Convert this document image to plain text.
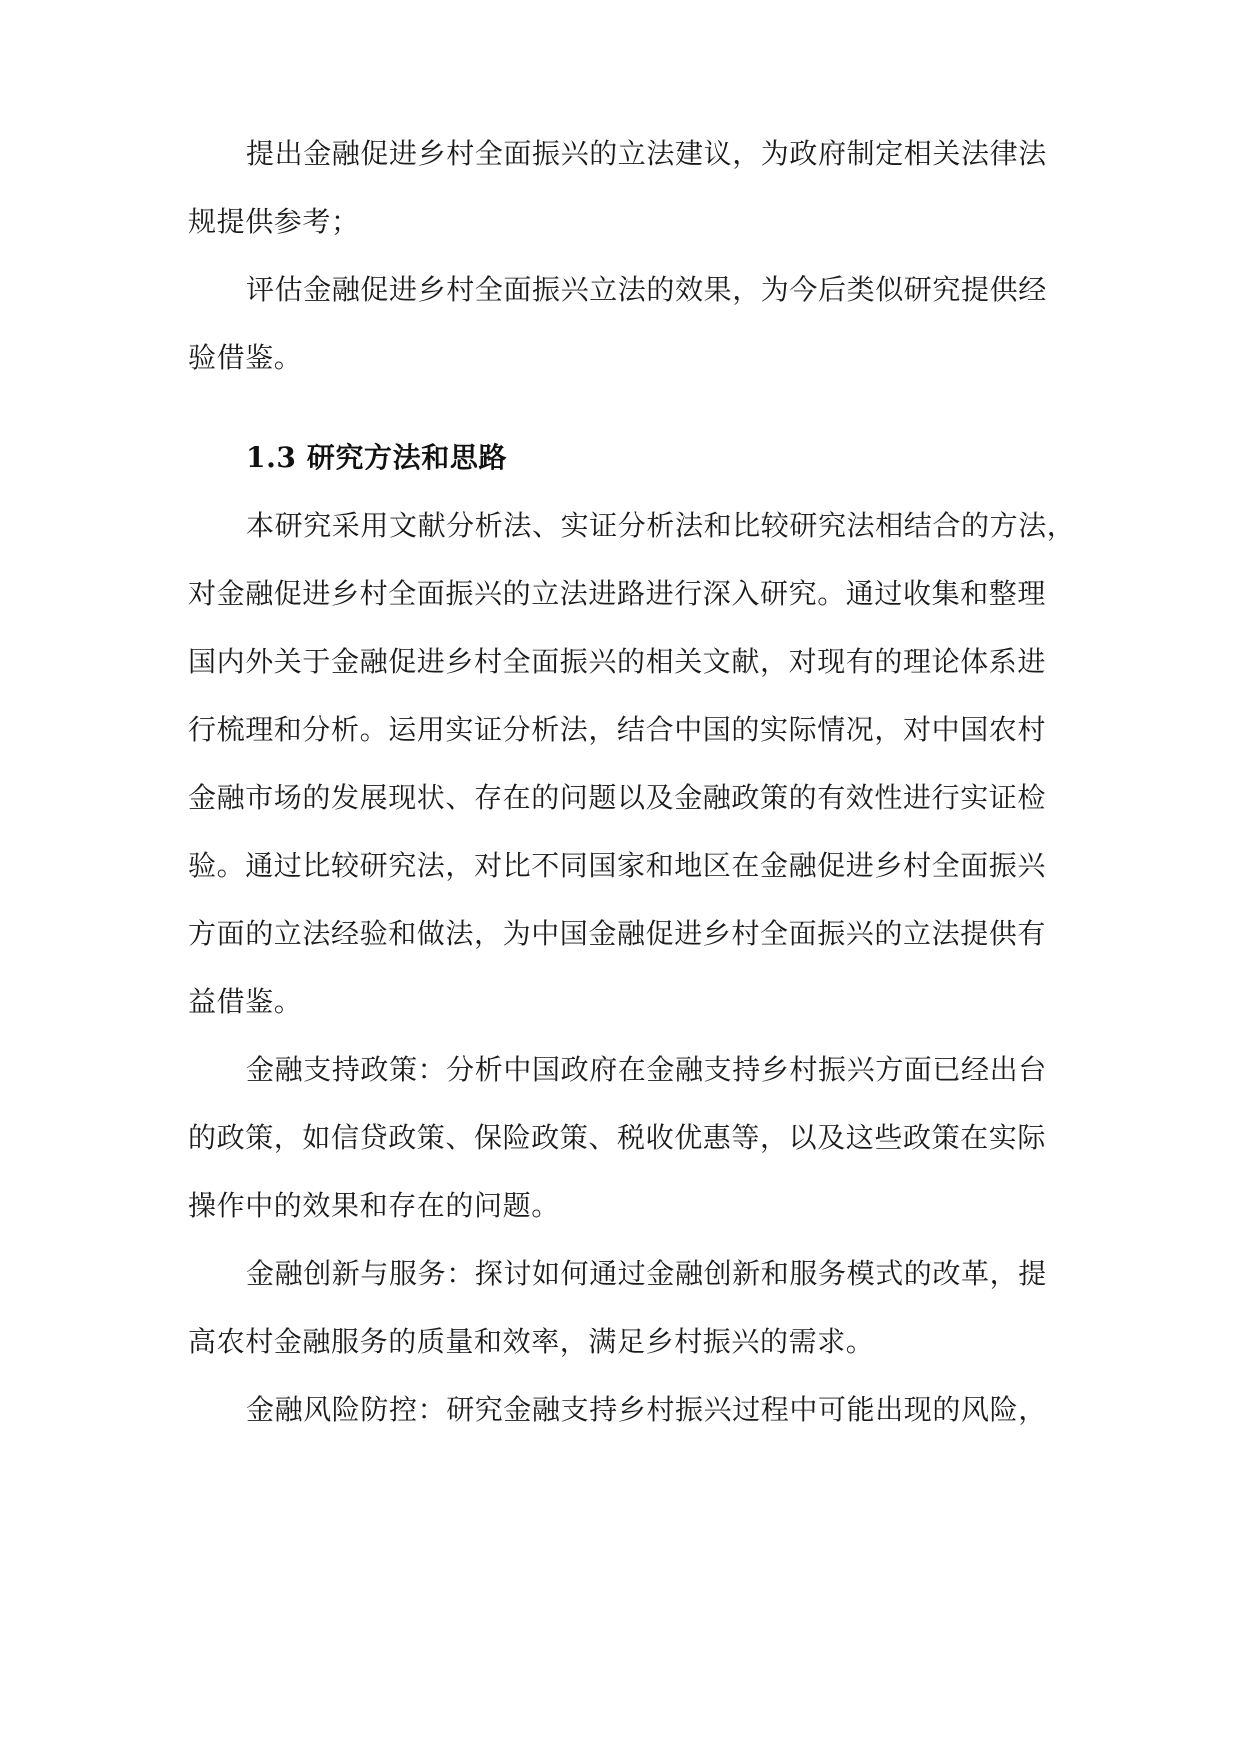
提出金融促进乡村全面振兴的立法建议，为政府制定相关法律法
规提供参考；
评估金融促进乡村全面振兴立法的效果，为今后类似研究提供经
验借鉴。
1.3 研究方法和思路
本研究采用文献分析法、实证分析法和比较研究法相结合的方法，
对金融促进乡村全面振兴的立法进路进行深入研究。通过收集和整理
国内外关于金融促进乡村全面振兴的相关文献，对现有的理论体系进
行梳理和分析。运用实证分析法，结合中国的实际情况，对中国农村
金融市场的发展现状、存在的问题以及金融政策的有效性进行实证检
验。通过比较研究法，对比不同国家和地区在金融促进乡村全面振兴
方面的立法经验和做法，为中国金融促进乡村全面振兴的立法提供有
益借鉴。
金融支持政策：分析中国政府在金融支持乡村振兴方面已经出台
的政策，如信贷政策、保险政策、税收优惠等，以及这些政策在实际
操作中的效果和存在的问题。
金融创新与服务：探讨如何通过金融创新和服务模式的改革，提
高农村金融服务的质量和效率，满足乡村振兴的需求。
金融风险防控：研究金融支持乡村振兴过程中可能出现的风险，
